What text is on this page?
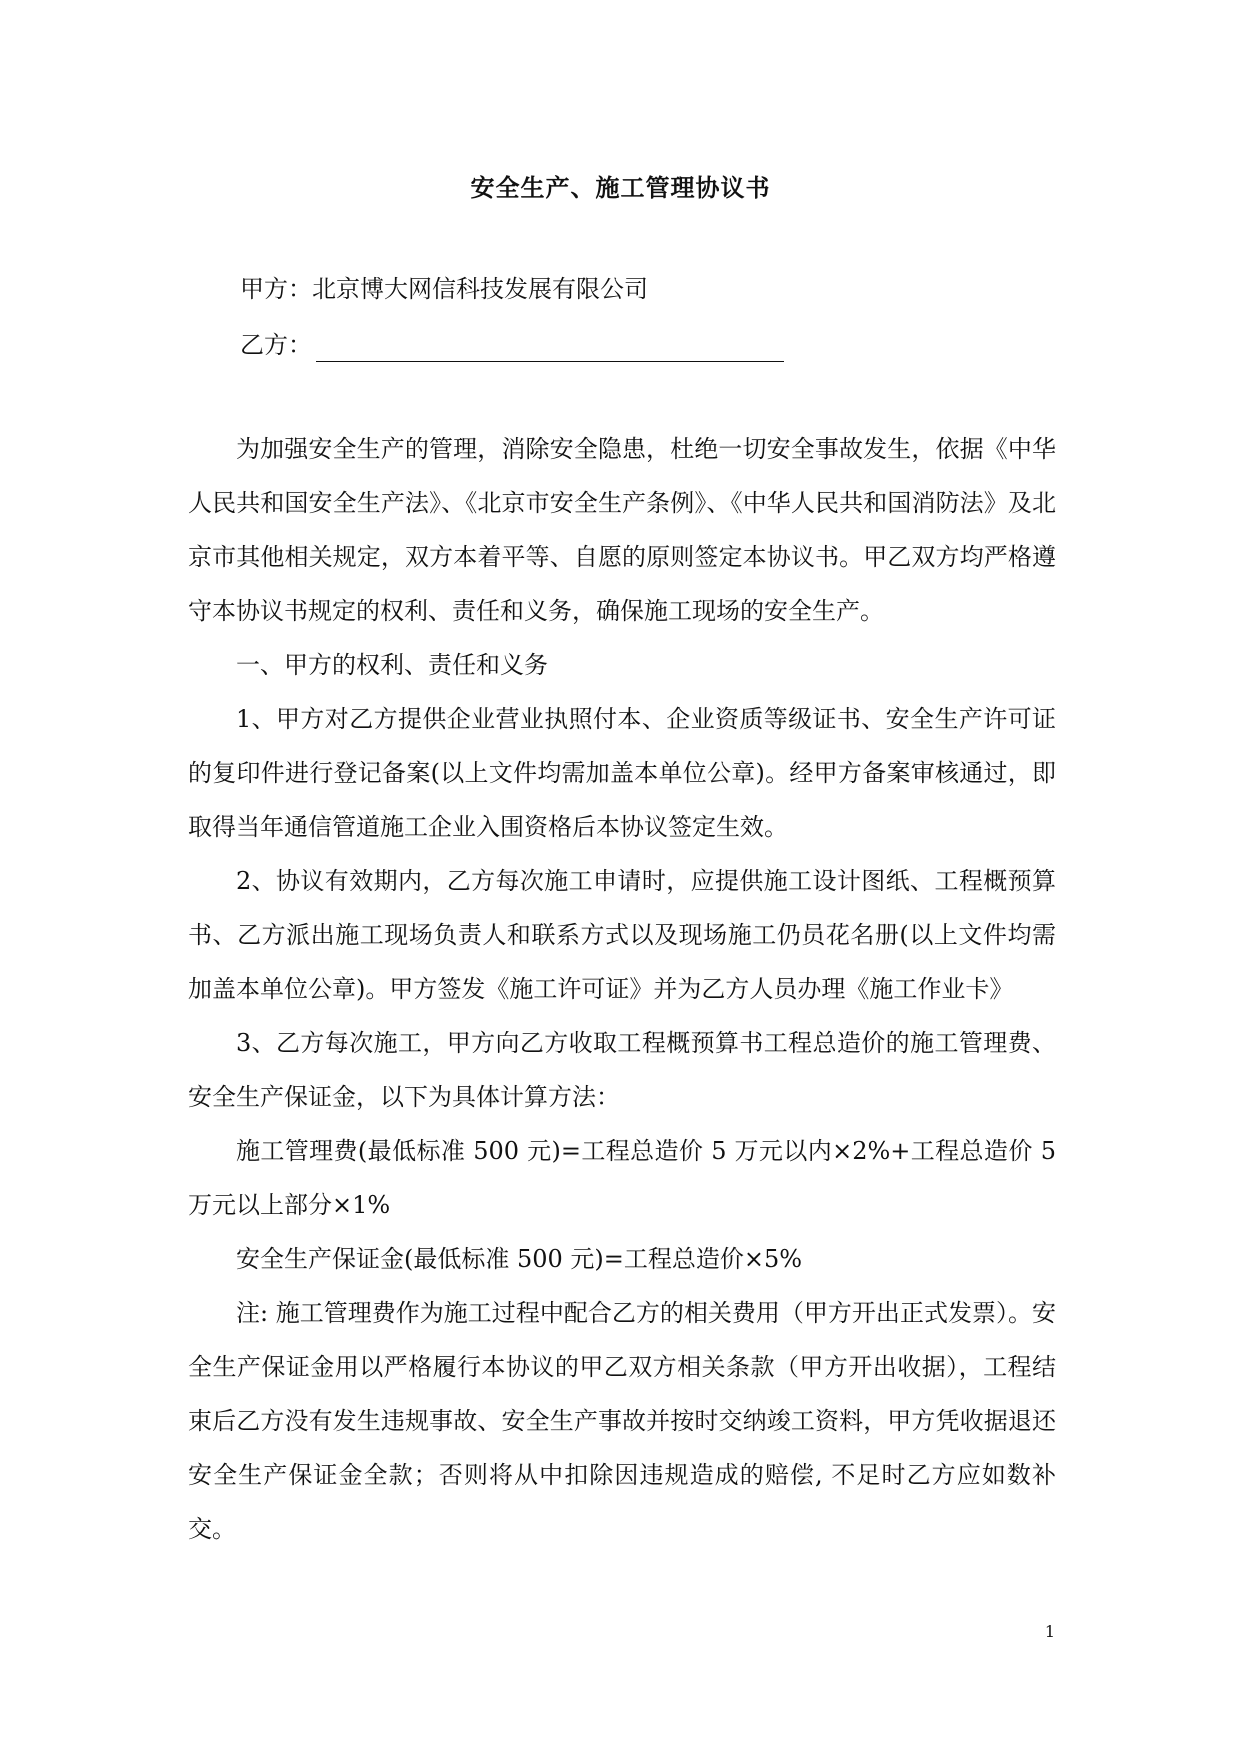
安全生产、施工管理协议书
甲方：北京博大网信科技发展有限公司
乙方：

为加强安全生产的管理，消除安全隐患，杜绝一切安全事故发生，依据《中华人民共和国安全生产法》、《北京市安全生产条例》、《中华人民共和国消防法》及北京市其他相关规定，双方本着平等、自愿的原则签定本协议书。甲乙双方均严格遵守本协议书规定的权利、责任和义务，确保施工现场的安全生产。

一、甲方的权利、责任和义务

1、甲方对乙方提供企业营业执照付本、企业资质等级证书、安全生产许可证的复印件进行登记备案(以上文件均需加盖本单位公章)。经甲方备案审核通过，即取得当年通信管道施工企业入围资格后本协议签定生效。

2、协议有效期内，乙方每次施工申请时，应提供施工设计图纸、工程概预算书、乙方派出施工现场负责人和联系方式以及现场施工仍员花名册(以上文件均需加盖本单位公章)。甲方签发《施工许可证》并为乙方人员办理《施工作业卡》

3、乙方每次施工，甲方向乙方收取工程概预算书工程总造价的施工管理费、安全生产保证金，以下为具体计算方法：

施工管理费(最低标准 500 元)=工程总造价 5 万元以内×2%+工程总造价 5 万元以上部分×1%

安全生产保证金(最低标准 500 元)=工程总造价×5%

注: 施工管理费作为施工过程中配合乙方的相关费用（甲方开出正式发票）。安全生产保证金用以严格履行本协议的甲乙双方相关条款（甲方开出收据），工程结束后乙方没有发生违规事故、安全生产事故并按时交纳竣工资料，甲方凭收据退还安全生产保证金全款；否则将从中扣除因违规造成的赔偿, 不足时乙方应如数补交。

1
